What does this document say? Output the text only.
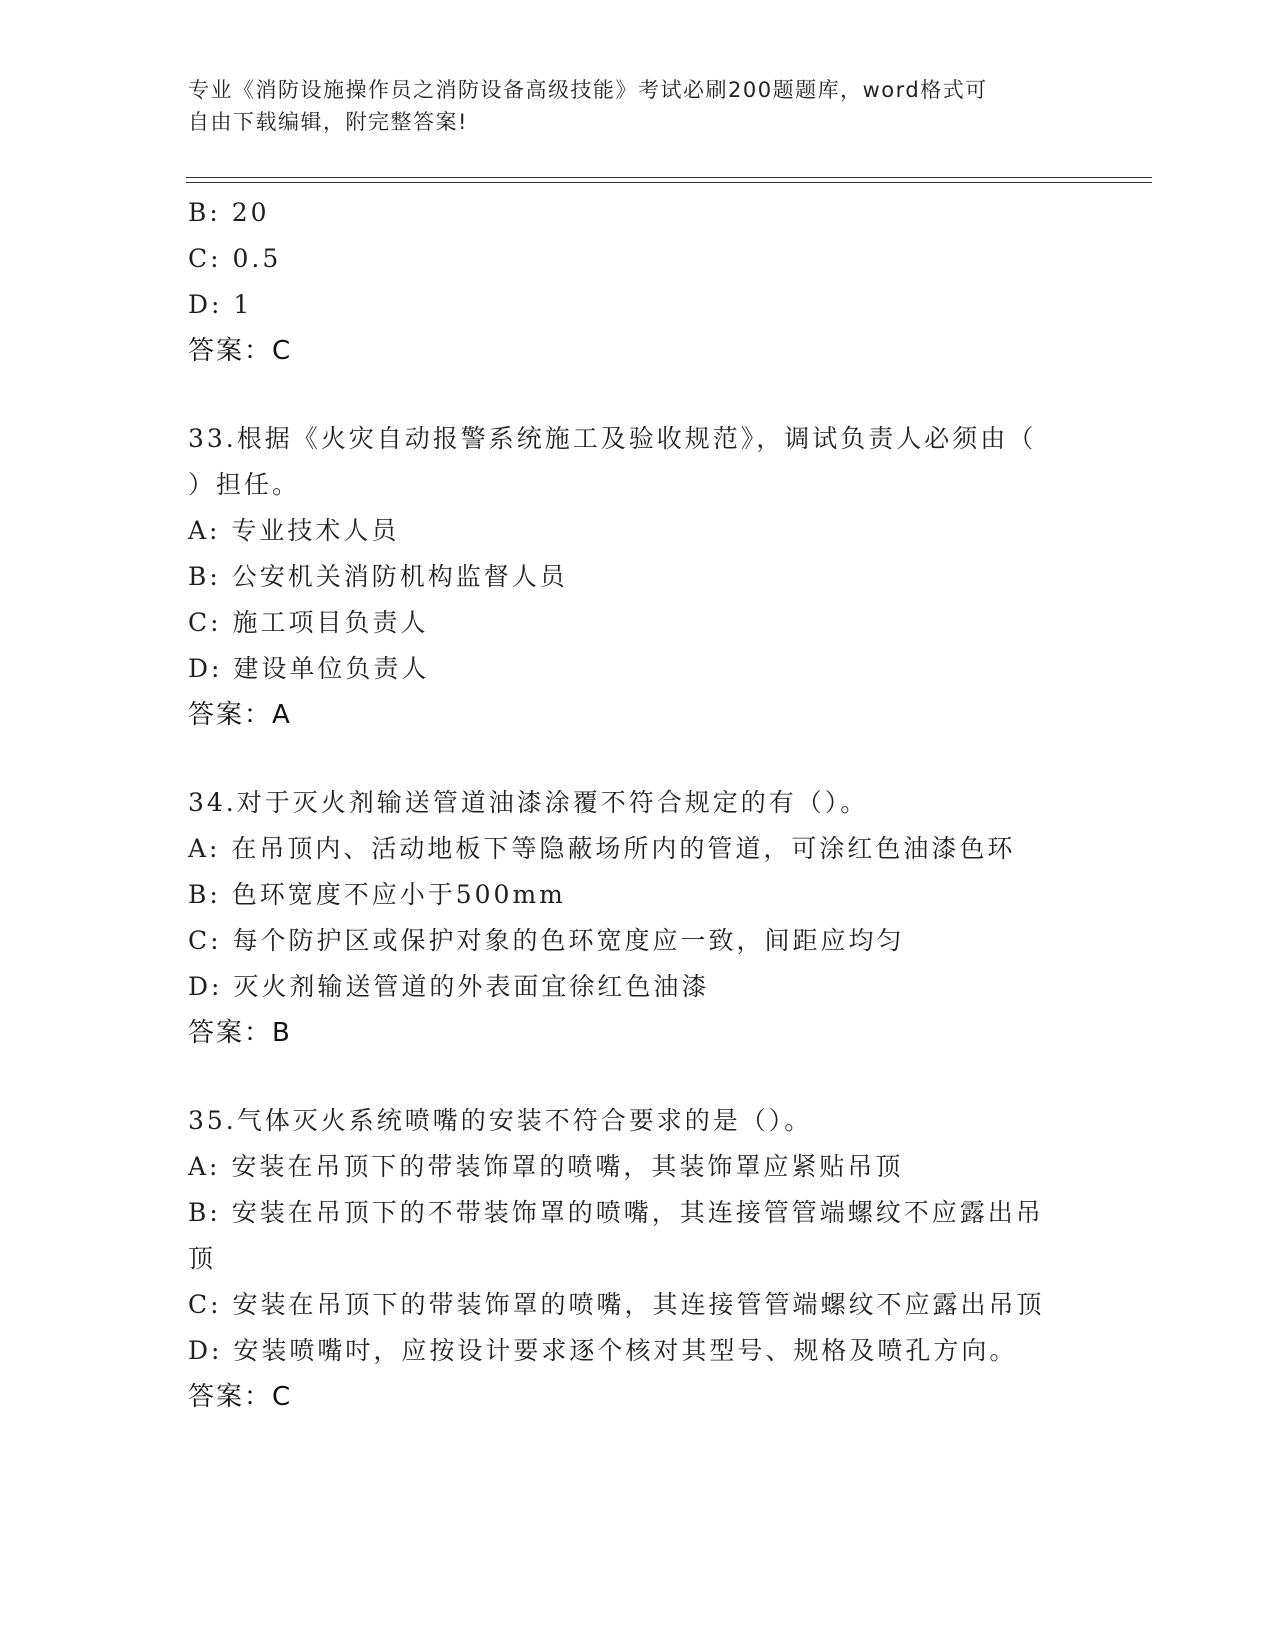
专业《消防设施操作员之消防设备高级技能》考试必刷200题题库，word格式可
自由下载编辑，附完整答案!

B: 20

C: 0.5

D: 1

答案：C

33.根据《火灾自动报警系统施工及验收规范》，调试负责人必须由（

）担任。

A: 专业技术人员

B: 公安机关消防机构监督人员

C: 施工项目负责人

D: 建设单位负责人

答案：A

34.对于灭火剂输送管道油漆涂覆不符合规定的有（）。

A: 在吊顶内、活动地板下等隐蔽场所内的管道，可涂红色油漆色环

B: 色环宽度不应小于500mm

C: 每个防护区或保护对象的色环宽度应一致，间距应均匀

D: 灭火剂输送管道的外表面宜徐红色油漆

答案：B

35.气体灭火系统喷嘴的安装不符合要求的是（）。

A: 安装在吊顶下的带装饰罩的喷嘴，其装饰罩应紧贴吊顶

B: 安装在吊顶下的不带装饰罩的喷嘴，其连接管管端螺纹不应露出吊
顶

C: 安装在吊顶下的带装饰罩的喷嘴，其连接管管端螺纹不应露出吊顶

D: 安装喷嘴吋，应按设计要求逐个核对其型号、规格及喷孔方向。

答案：C
